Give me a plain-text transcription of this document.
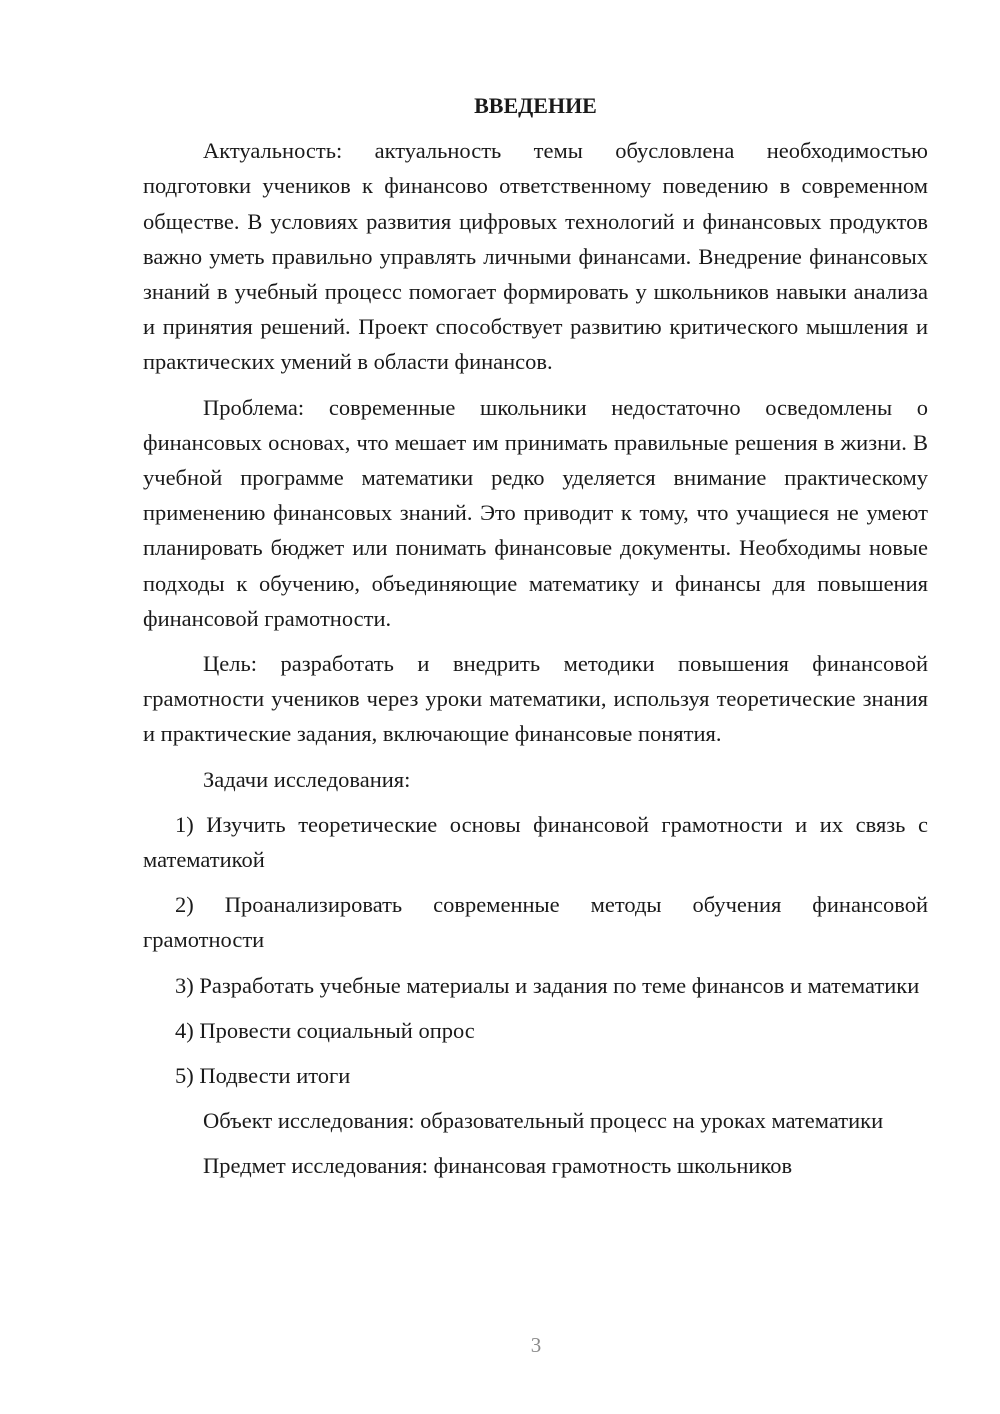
ВВЕДЕНИЕ

Актуальность: актуальность темы обусловлена необходимостью подготовки учеников к финансово ответственному поведению в современном обществе. В условиях развития цифровых технологий и финансовых продуктов важно уметь правильно управлять личными финансами. Внедрение финансовых знаний в учебный процесс помогает формировать у школьников навыки анализа и принятия решений. Проект способствует развитию критического мышления и практических умений в области финансов.

Проблема: современные школьники недостаточно осведомлены о финансовых основах, что мешает им принимать правильные решения в жизни. В учебной программе математики редко уделяется внимание практическому применению финансовых знаний. Это приводит к тому, что учащиеся не умеют планировать бюджет или понимать финансовые документы. Необходимы новые подходы к обучению, объединяющие математику и финансы для повышения финансовой грамотности.

Цель: разработать и внедрить методики повышения финансовой грамотности учеников через уроки математики, используя теоретические знания и практические задания, включающие финансовые понятия.

Задачи исследования:

1) Изучить теоретические основы финансовой грамотности и их связь с математикой

2) Проанализировать современные методы обучения финансовой грамотности

3) Разработать учебные материалы и задания по теме финансов и математики

4) Провести социальный опрос

5) Подвести итоги

Объект исследования: образовательный процесс на уроках математики

Предмет исследования: финансовая грамотность школьников

3
